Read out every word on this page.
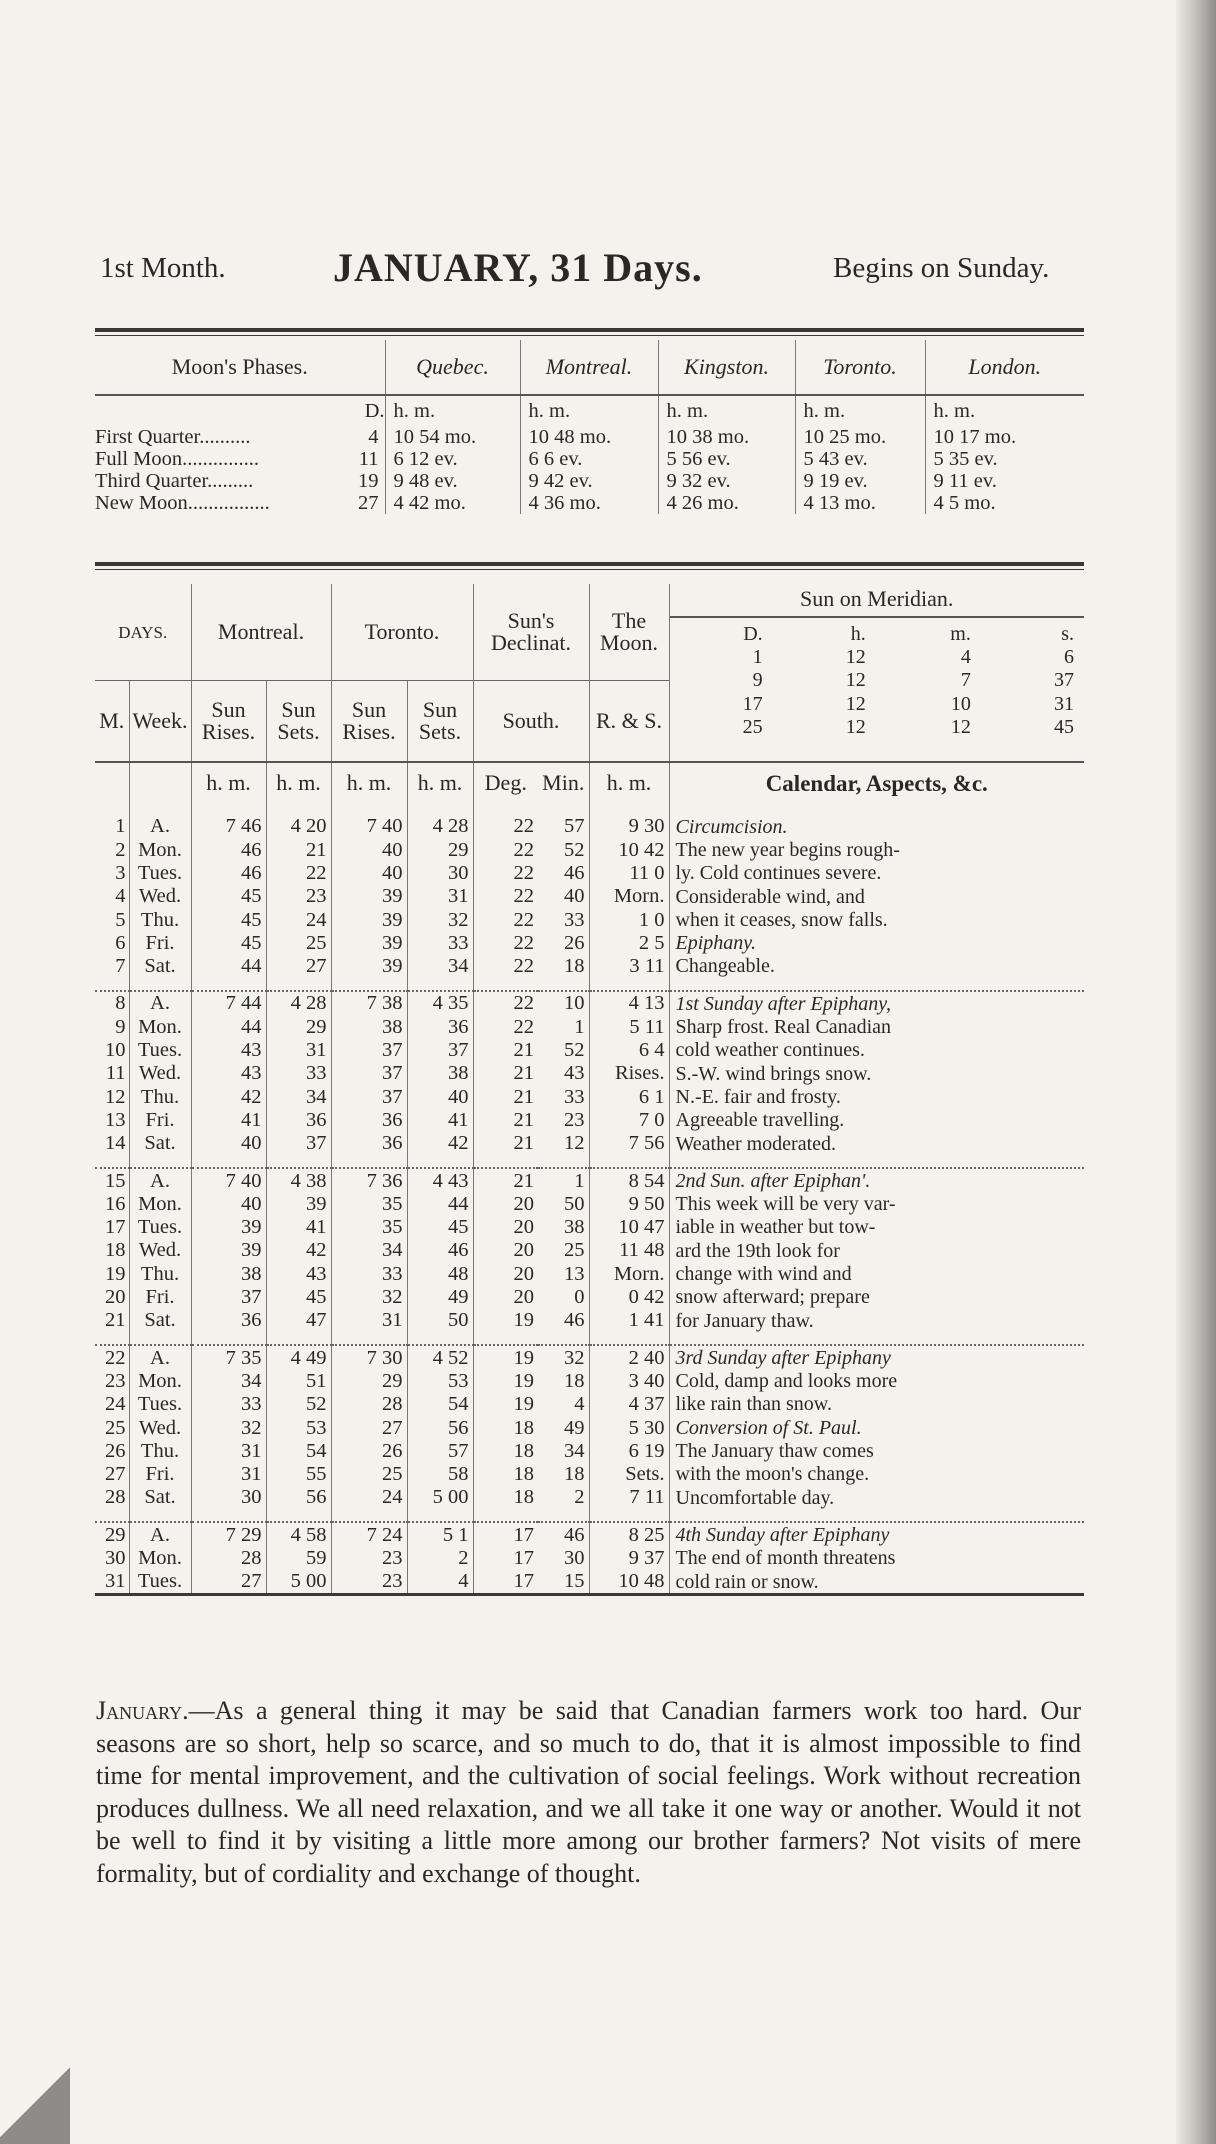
1st Month.	JANUARY, 31 Days.	Begins on Sunday.
Moon's Phases.		Quebec.	Montreal.	Kingston.	Toronto.	London.
	D.	h. m.	h. m.	h. m.	h. m.	h. m.
First Quarter..........	4	10 54 mo.	10 48 mo.	10 38 mo.	10 25 mo.	10 17 mo.
Full Moon...............	11	6 12 ev.	6 6 ev.	5 56 ev.	5 43 ev.	5 35 ev.
Third Quarter.........	19	9 48 ev.	9 42 ev.	9 32 ev.	9 19 ev.	9 11 ev.
New Moon................	27	4 42 mo.	4 36 mo.	4 26 mo.	4 13 mo.	4 5 mo.
DAYS.	Montreal.	Toronto.	Sun's Declinat.	The Moon.	
Sun on Meridian.
D.	h.	m.	s.
1	12	4	6
9	12	7	37
17	12	10	31
25	12	12	45

M.	Week.	Sun Rises.	Sun Sets.	Sun Rises.	Sun Sets.	South.	R. & S.
		h. m.	h. m.	h. m.	h. m.	Deg.	Min.	h. m.	Calendar, Aspects, &c.

1	A.	7 46	4 20	7 40	4 28	22	57	9 30	Circumcision.
2	Mon.	46	21	40	29	22	52	10 42	The new year begins rough-
3	Tues.	46	22	40	30	22	46	11 0	ly. Cold continues severe.
4	Wed.	45	23	39	31	22	40	Morn.	Considerable wind, and
5	Thu.	45	24	39	32	22	33	1 0	when it ceases, snow falls.
6	Fri.	45	25	39	33	22	26	2 5	Epiphany.
7	Sat.	44	27	39	34	22	18	3 11	Changeable.

8	A.	7 44	4 28	7 38	4 35	22	10	4 13	1st Sunday after Epiphany,
9	Mon.	44	29	38	36	22	1	5 11	Sharp frost. Real Canadian
10	Tues.	43	31	37	37	21	52	6 4	cold weather continues.
11	Wed.	43	33	37	38	21	43	Rises.	S.-W. wind brings snow.
12	Thu.	42	34	37	40	21	33	6 1	N.-E. fair and frosty.
13	Fri.	41	36	36	41	21	23	7 0	Agreeable travelling.
14	Sat.	40	37	36	42	21	12	7 56	Weather moderated.

15	A.	7 40	4 38	7 36	4 43	21	1	8 54	2nd Sun. after Epiphan'.
16	Mon.	40	39	35	44	20	50	9 50	This week will be very var-
17	Tues.	39	41	35	45	20	38	10 47	iable in weather but tow-
18	Wed.	39	42	34	46	20	25	11 48	ard the 19th look for
19	Thu.	38	43	33	48	20	13	Morn.	change with wind and
20	Fri.	37	45	32	49	20	0	0 42	snow afterward; prepare
21	Sat.	36	47	31	50	19	46	1 41	for January thaw.

22	A.	7 35	4 49	7 30	4 52	19	32	2 40	3rd Sunday after Epiphany
23	Mon.	34	51	29	53	19	18	3 40	Cold, damp and looks more
24	Tues.	33	52	28	54	19	4	4 37	like rain than snow.
25	Wed.	32	53	27	56	18	49	5 30	Conversion of St. Paul.
26	Thu.	31	54	26	57	18	34	6 19	The January thaw comes
27	Fri.	31	55	25	58	18	18	Sets.	with the moon's change.
28	Sat.	30	56	24	5 00	18	2	7 11	Uncomfortable day.

29	A.	7 29	4 58	7 24	5 1	17	46	8 25	4th Sunday after Epiphany
30	Mon.	28	59	23	2	17	30	9 37	The end of month threatens
31	Tues.	27	5 00	23	4	17	15	10 48	cold rain or snow.

January.—As a general thing it may be said that Canadian farmers work too hard. Our seasons are so short, help so scarce, and so much to do, that it is almost impossible to find time for mental improvement, and the cultivation of social feelings. Work without recreation produces dullness. We all need relaxation, and we all take it one way or another. Would it not be well to find it by visiting a little more among our brother farmers? Not visits of mere formality, but of cordiality and exchange of thought.
